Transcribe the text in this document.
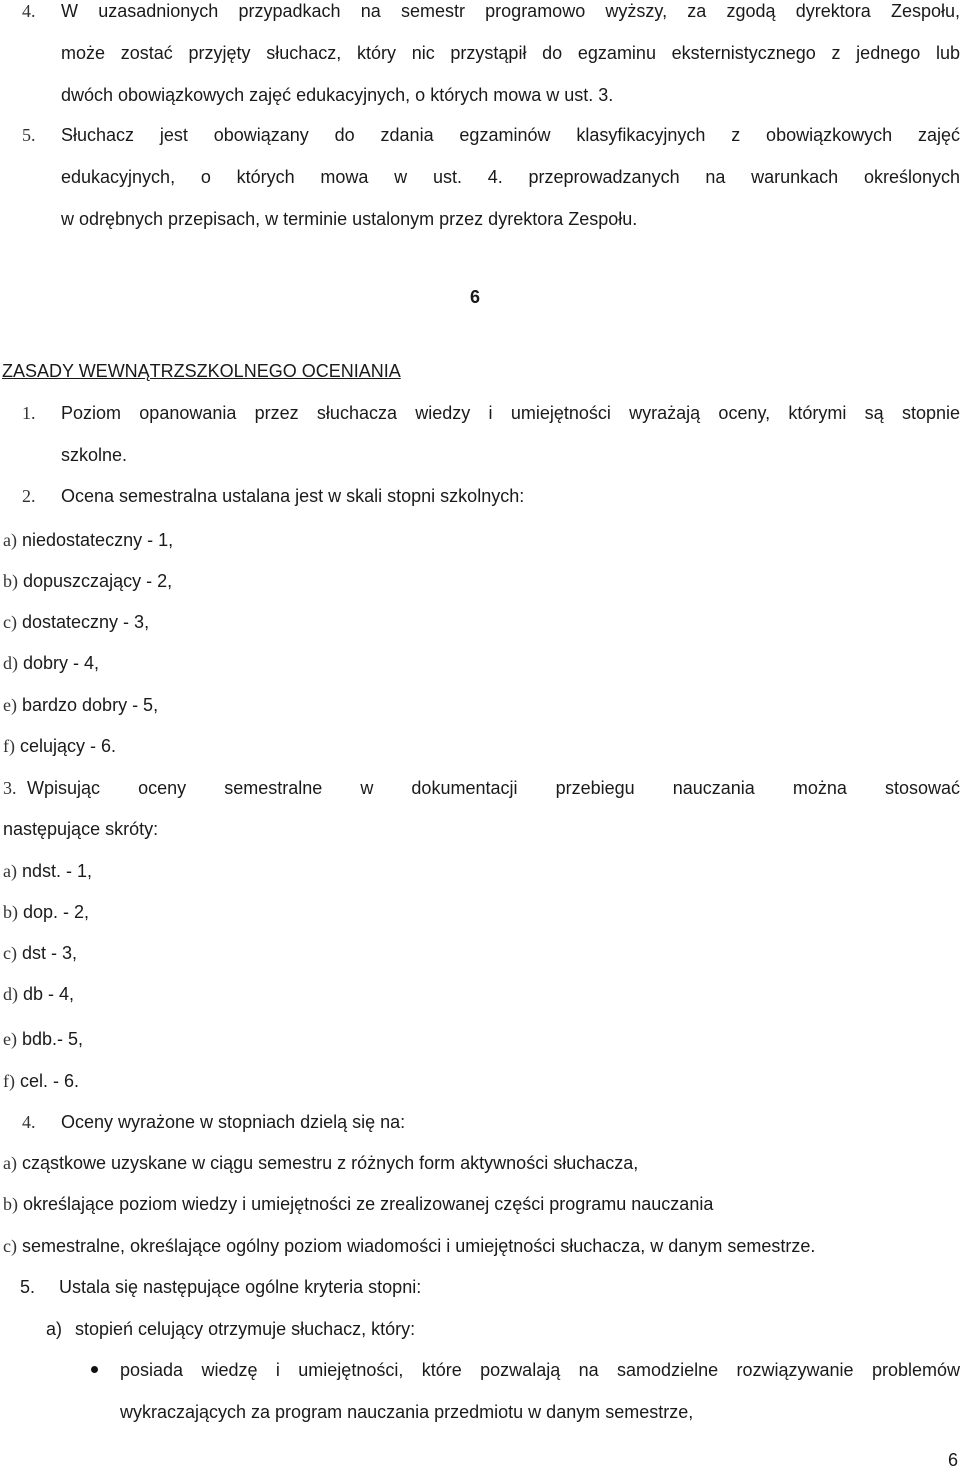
4.	W uzasadnionych przypadkach na semestr programowo wyższy, za zgodą dyrektora Zespołu,
może zostać przyjęty słuchacz, który nic przystąpił do egzaminu eksternistycznego z jednego lub
dwóch obowiązkowych zajęć edukacyjnych, o których mowa w ust. 3.
5.	Słuchacz jest obowiązany do zdania egzaminów klasyfikacyjnych z obowiązkowych zajęć
edukacyjnych, o których mowa w ust. 4. przeprowadzanych na warunkach określonych
w odrębnych przepisach, w terminie ustalonym przez dyrektora Zespołu.
6
ZASADY WEWNĄTRZSZKOLNEGO OCENIANIA
1.	Poziom opanowania przez słuchacza wiedzy i umiejętności wyrażają oceny, którymi są stopnie
szkolne.
2.	Ocena semestralna ustalana jest w skali stopni szkolnych:
a) niedostateczny - 1,
b) dopuszczający - 2,
c) dostateczny - 3,
d) dobry - 4,
e) bardzo dobry - 5,
f) celujący - 6.
3. Wpisując oceny semestralne w dokumentacji przebiegu nauczania można stosować
następujące skróty:
a) ndst. - 1,
b) dop. - 2,
c) dst - 3,
d) db - 4,
e) bdb.- 5,
f) cel. - 6.
4.	Oceny wyrażone w stopniach dzielą się na:
a) cząstkowe uzyskane w ciągu semestru z różnych form aktywności słuchacza,
b) określające poziom wiedzy i umiejętności ze zrealizowanej części programu nauczania
c) semestralne, określające ogólny poziom wiadomości i umiejętności słuchacza, w danym semestrze.
5.	Ustala się następujące ogólne kryteria stopni:
a) stopień celujący otrzymuje słuchacz, który:
posiada wiedzę i umiejętności, które pozwalają na samodzielne rozwiązywanie problemów
wykraczających za program nauczania przedmiotu w danym semestrze,
6
